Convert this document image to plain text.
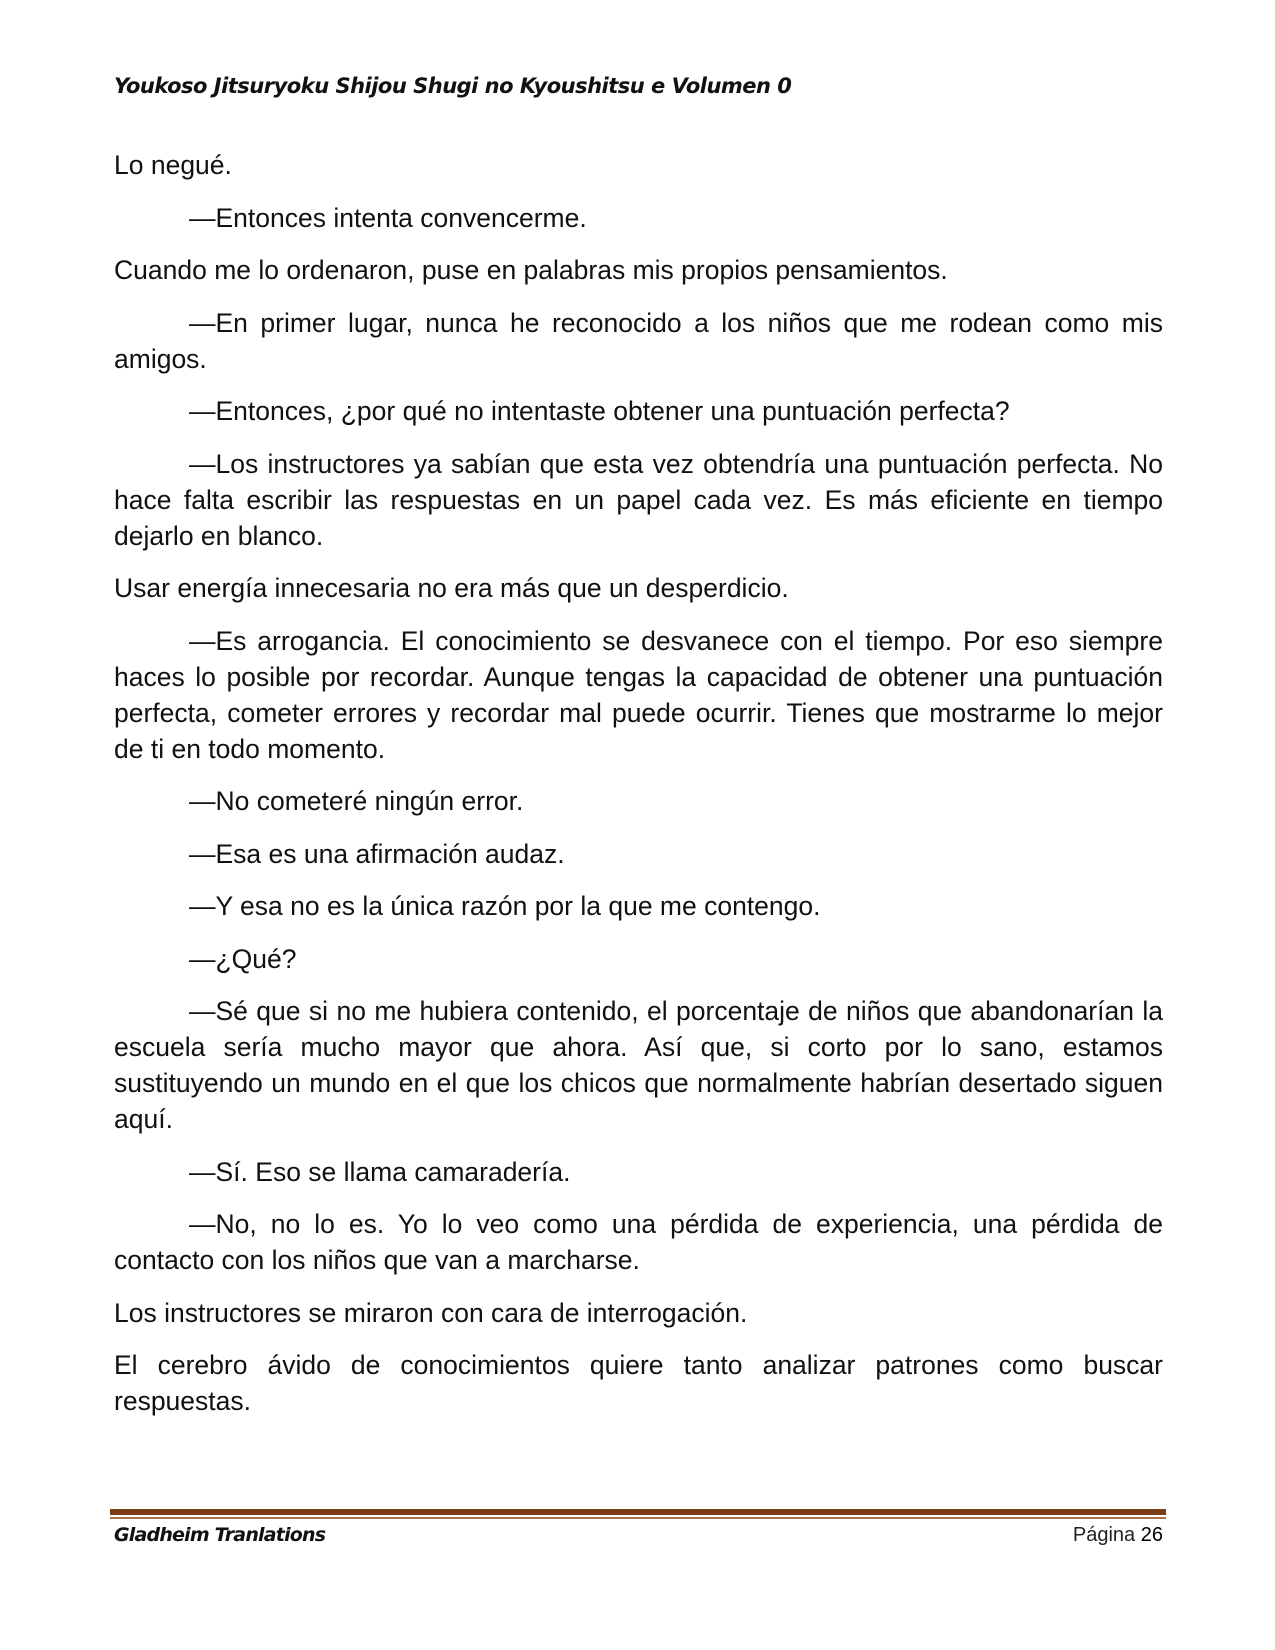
Youkoso Jitsuryoku Shijou Shugi no Kyoushitsu e Volumen 0

Lo negué.

—Entonces intenta convencerme.

Cuando me lo ordenaron, puse en palabras mis propios pensamientos.

—En primer lugar, nunca he reconocido a los niños que me rodean como mis amigos.

—Entonces, ¿por qué no intentaste obtener una puntuación perfecta?

—Los instructores ya sabían que esta vez obtendría una puntuación perfecta. No hace falta escribir las respuestas en un papel cada vez. Es más eficiente en tiempo dejarlo en blanco.

Usar energía innecesaria no era más que un desperdicio.

—Es arrogancia. El conocimiento se desvanece con el tiempo. Por eso siempre haces lo posible por recordar. Aunque tengas la capacidad de obtener una puntuación perfecta, cometer errores y recordar mal puede ocurrir. Tienes que mostrarme lo mejor de ti en todo momento.

—No cometeré ningún error.

—Esa es una afirmación audaz.

—Y esa no es la única razón por la que me contengo.

—¿Qué?

—Sé que si no me hubiera contenido, el porcentaje de niños que abandonarían la escuela sería mucho mayor que ahora. Así que, si corto por lo sano, estamos sustituyendo un mundo en el que los chicos que normalmente habrían desertado siguen aquí.

—Sí. Eso se llama camaradería.

—No, no lo es. Yo lo veo como una pérdida de experiencia, una pérdida de contacto con los niños que van a marcharse.

Los instructores se miraron con cara de interrogación.

El cerebro ávido de conocimientos quiere tanto analizar patrones como buscar respuestas.

Gladheim Tranlations	Página 26
